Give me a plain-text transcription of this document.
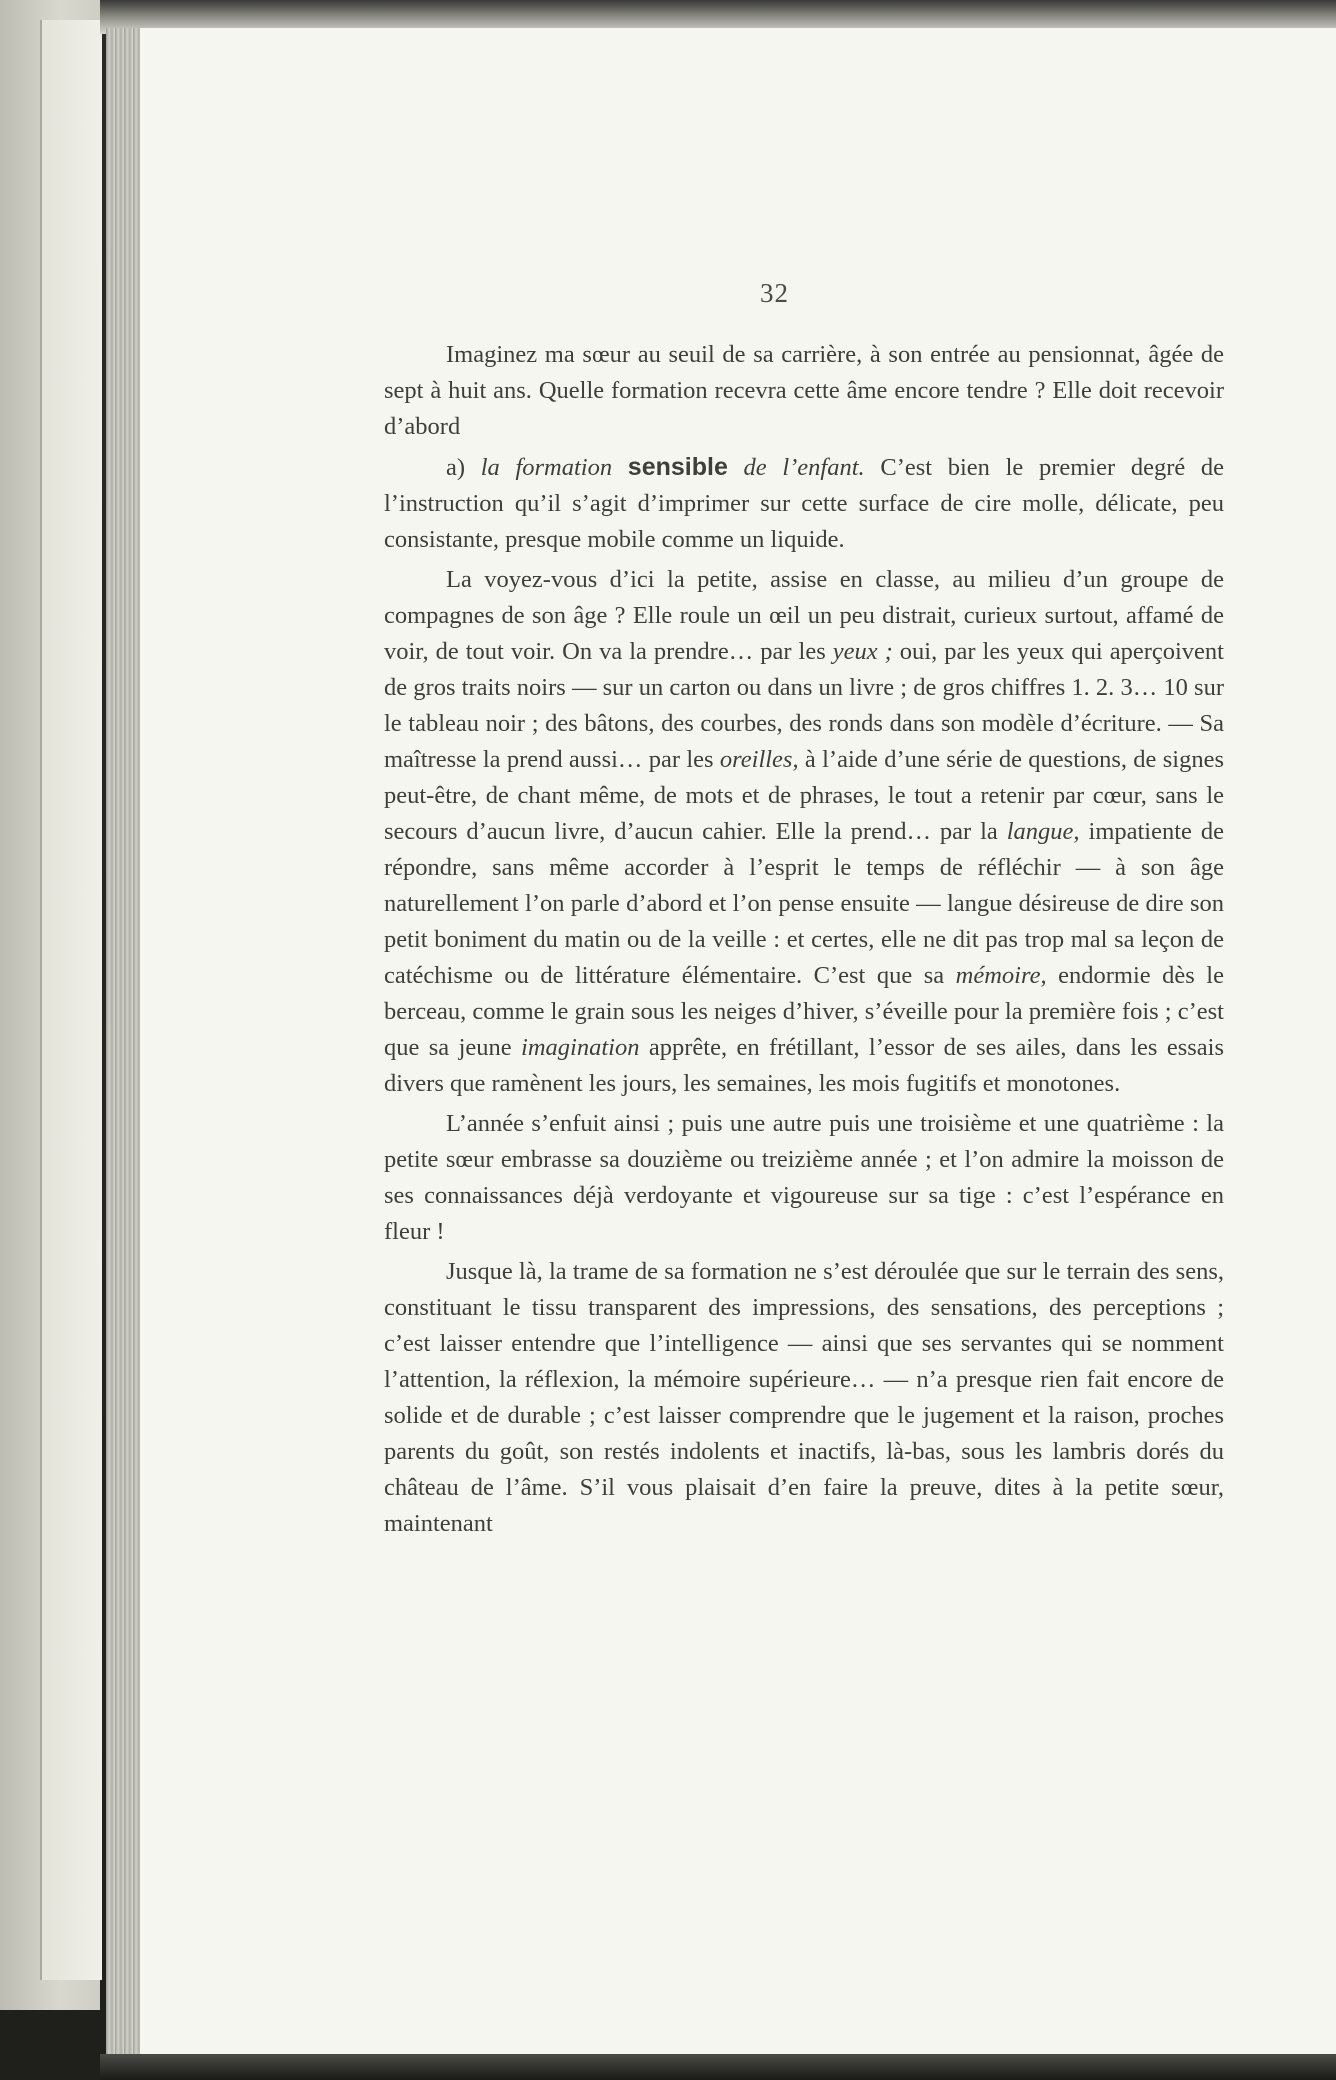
32

Imaginez ma sœur au seuil de sa carrière, à son entrée au pensionnat, âgée de sept à huit ans. Quelle formation recevra cette âme encore tendre ? Elle doit recevoir d’abord

a) la formation sensible de l’enfant. C’est bien le premier degré de l’instruction qu’il s’agit d’imprimer sur cette surface de cire molle, délicate, peu consistante, presque mobile comme un liquide.

La voyez-vous d’ici la petite, assise en classe, au milieu d’un groupe de compagnes de son âge ? Elle roule un œil un peu distrait, curieux surtout, affamé de voir, de tout voir. On va la prendre… par les yeux ; oui, par les yeux qui aperçoivent de gros traits noirs — sur un carton ou dans un livre ; de gros chiffres 1. 2. 3… 10 sur le tableau noir ; des bâtons, des courbes, des ronds dans son modèle d’écriture. — Sa maîtresse la prend aussi… par les oreilles, à l’aide d’une série de questions, de signes peut-être, de chant même, de mots et de phrases, le tout a retenir par cœur, sans le secours d’aucun livre, d’aucun cahier. Elle la prend… par la langue, impatiente de répondre, sans même accorder à l’esprit le temps de réfléchir — à son âge naturellement l’on parle d’abord et l’on pense ensuite — langue désireuse de dire son petit boniment du matin ou de la veille : et certes, elle ne dit pas trop mal sa leçon de catéchisme ou de littérature élémentaire. C’est que sa mémoire, endormie dès le berceau, comme le grain sous les neiges d’hiver, s’éveille pour la première fois ; c’est que sa jeune imagination apprête, en frétillant, l’essor de ses ailes, dans les essais divers que ramènent les jours, les semaines, les mois fugitifs et monotones.

L’année s’enfuit ainsi ; puis une autre puis une troisième et une quatrième : la petite sœur embrasse sa douzième ou treizième année ; et l’on admire la moisson de ses connaissances déjà verdoyante et vigoureuse sur sa tige : c’est l’espérance en fleur !

Jusque là, la trame de sa formation ne s’est déroulée que sur le terrain des sens, constituant le tissu transparent des impressions, des sensations, des perceptions ; c’est laisser entendre que l’intelligence — ainsi que ses servantes qui se nomment l’attention, la réflexion, la mémoire supérieure… — n’a presque rien fait encore de solide et de durable ; c’est laisser comprendre que le jugement et la raison, proches parents du goût, son restés indolents et inactifs, là-bas, sous les lambris dorés du château de l’âme. S’il vous plaisait d’en faire la preuve, dites à la petite sœur, maintenant
